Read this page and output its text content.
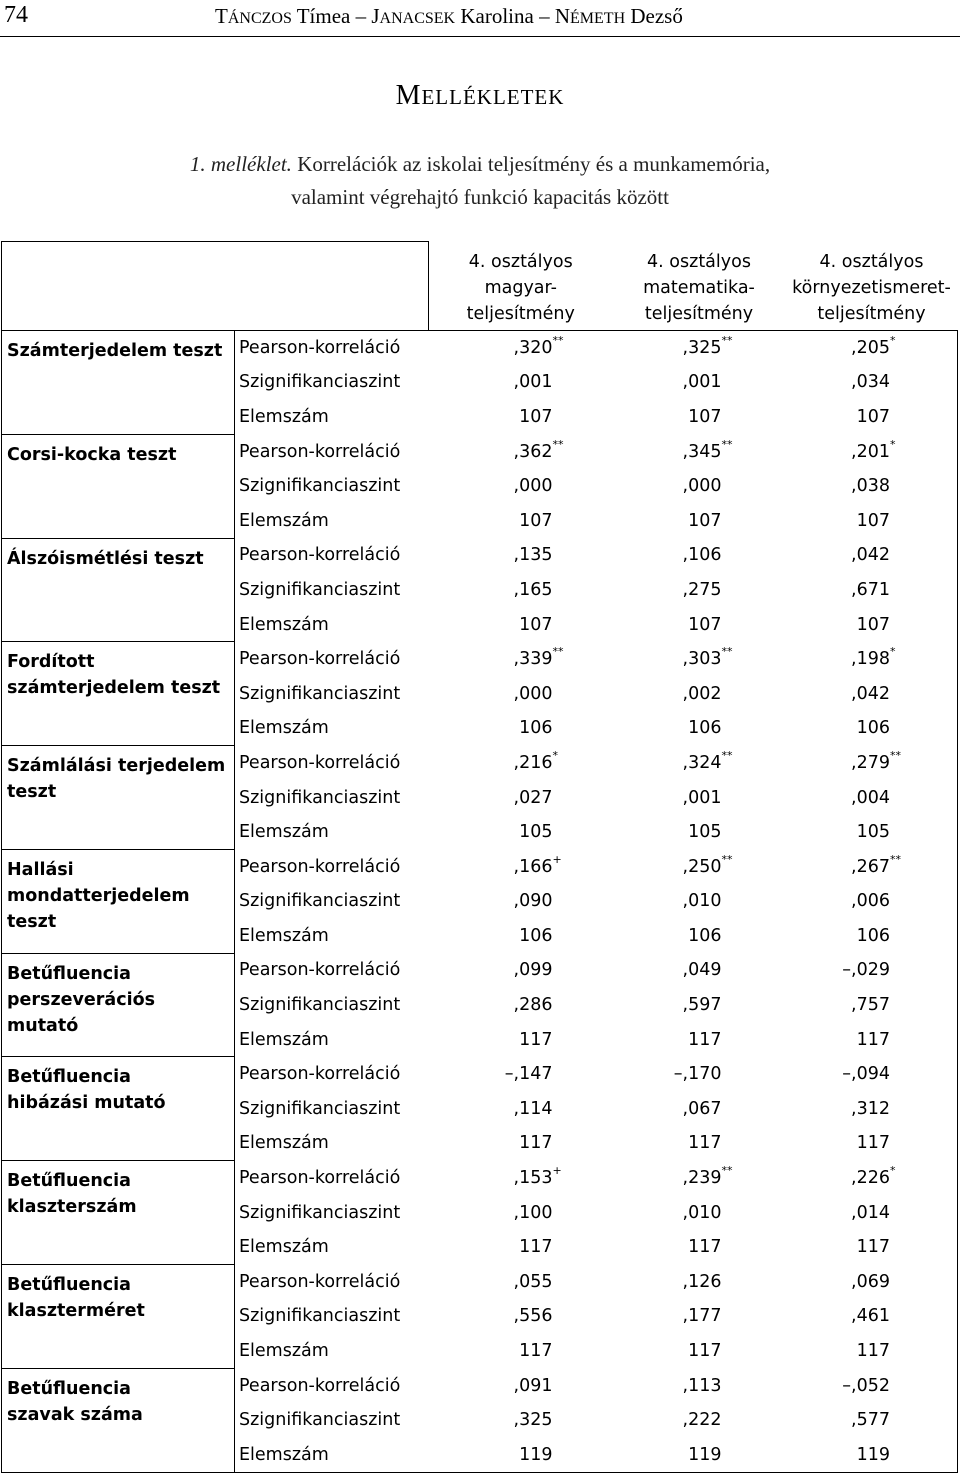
74	TÁNCZOS Tímea – JANACSEK Karolina – NÉMETH Dezső
MELLÉKLETEK
1. melléklet. Korrelációk az iskolai teljesítmény és a munkamemória,
valamint végrehajtó funkció kapacitás között
		4. osztályos
magyar-
teljesítmény	4. osztályos
matematika-
teljesítmény	4. osztályos
környezetismeret-
teljesítmény
Számterjedelem teszt	Pearson-korreláció	,320**	,325**	,205*
	Szignifikanciaszint	,001	,001	,034
	Elemszám	107	107	107
Corsi-kocka teszt	Pearson-korreláció	,362**	,345**	,201*
	Szignifikanciaszint	,000	,000	,038
	Elemszám	107	107	107
Álszóismétlési teszt	Pearson-korreláció	,135	,106	,042
	Szignifikanciaszint	,165	,275	,671
	Elemszám	107	107	107
Fordított
számterjedelem teszt	Pearson-korreláció	,339**	,303**	,198*
	Szignifikanciaszint	,000	,002	,042
	Elemszám	106	106	106
Számlálási terjedelem
teszt	Pearson-korreláció	,216*	,324**	,279**
	Szignifikanciaszint	,027	,001	,004
	Elemszám	105	105	105
Hallási
mondatterjedelem
teszt	Pearson-korreláció	,166+	,250**	,267**
	Szignifikanciaszint	,090	,010	,006
	Elemszám	106	106	106
Betűfluencia
perszeverációs mutató	Pearson-korreláció	,099	,049	–,029
	Szignifikanciaszint	,286	,597	,757
	Elemszám	117	117	117
Betűfluencia
hibázási mutató	Pearson-korreláció	–,147	–,170	–,094
	Szignifikanciaszint	,114	,067	,312
	Elemszám	117	117	117
Betűfluencia
klaszterszám	Pearson-korreláció	,153+	,239**	,226*
	Szignifikanciaszint	,100	,010	,014
	Elemszám	117	117	117
Betűfluencia
klaszterméret	Pearson-korreláció	,055	,126	,069
	Szignifikanciaszint	,556	,177	,461
	Elemszám	117	117	117
Betűfluencia
szavak száma	Pearson-korreláció	,091	,113	–,052
	Szignifikanciaszint	,325	,222	,577
	Elemszám	119	119	119
